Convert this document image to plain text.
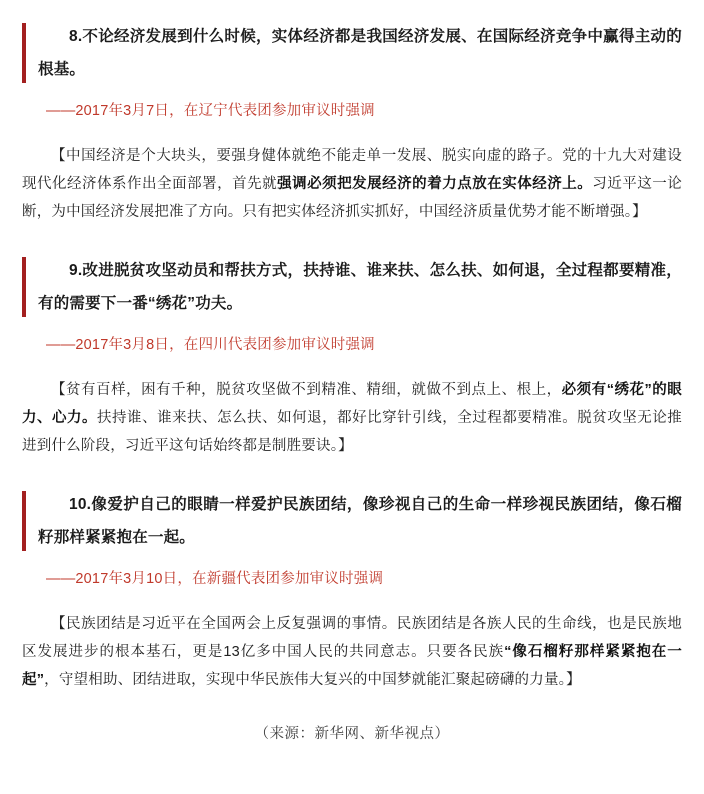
8.不论经济发展到什么时候，实体经济都是我国经济发展、在国际经济竞争中赢得主动的根基。
——2017年3月7日，在辽宁代表团参加审议时强调
【中国经济是个大块头，要强身健体就绝不能走单一发展、脱实向虚的路子。党的十九大对建设现代化经济体系作出全面部署，首先就强调必须把发展经济的着力点放在实体经济上。习近平这一论断，为中国经济发展把准了方向。只有把实体经济抓实抓好，中国经济质量优势才能不断增强。】
9.改进脱贫攻坚动员和帮扶方式，扶持谁、谁来扶、怎么扶、如何退，全过程都要精准，有的需要下一番“绣花”功夫。
——2017年3月8日，在四川代表团参加审议时强调
【贫有百样，困有千种，脱贫攻坚做不到精准、精细，就做不到点上、根上，必须有“绣花”的眼力、心力。扶持谁、谁来扶、怎么扶、如何退，都好比穿针引线，全过程都要精准。脱贫攻坚无论推进到什么阶段，习近平这句话始终都是制胜要诀。】
10.像爱护自己的眼睛一样爱护民族团结，像珍视自己的生命一样珍视民族团结，像石榴籽那样紧紧抱在一起。
——2017年3月10日，在新疆代表团参加审议时强调
【民族团结是习近平在全国两会上反复强调的事情。民族团结是各族人民的生命线，也是民族地区发展进步的根本基石，更是13亿多中国人民的共同意志。只要各民族“像石榴籽那样紧紧抱在一起”，守望相助、团结进取，实现中华民族伟大复兴的中国梦就能汇聚起磅礴的力量。】
（来源：新华网、新华视点）
